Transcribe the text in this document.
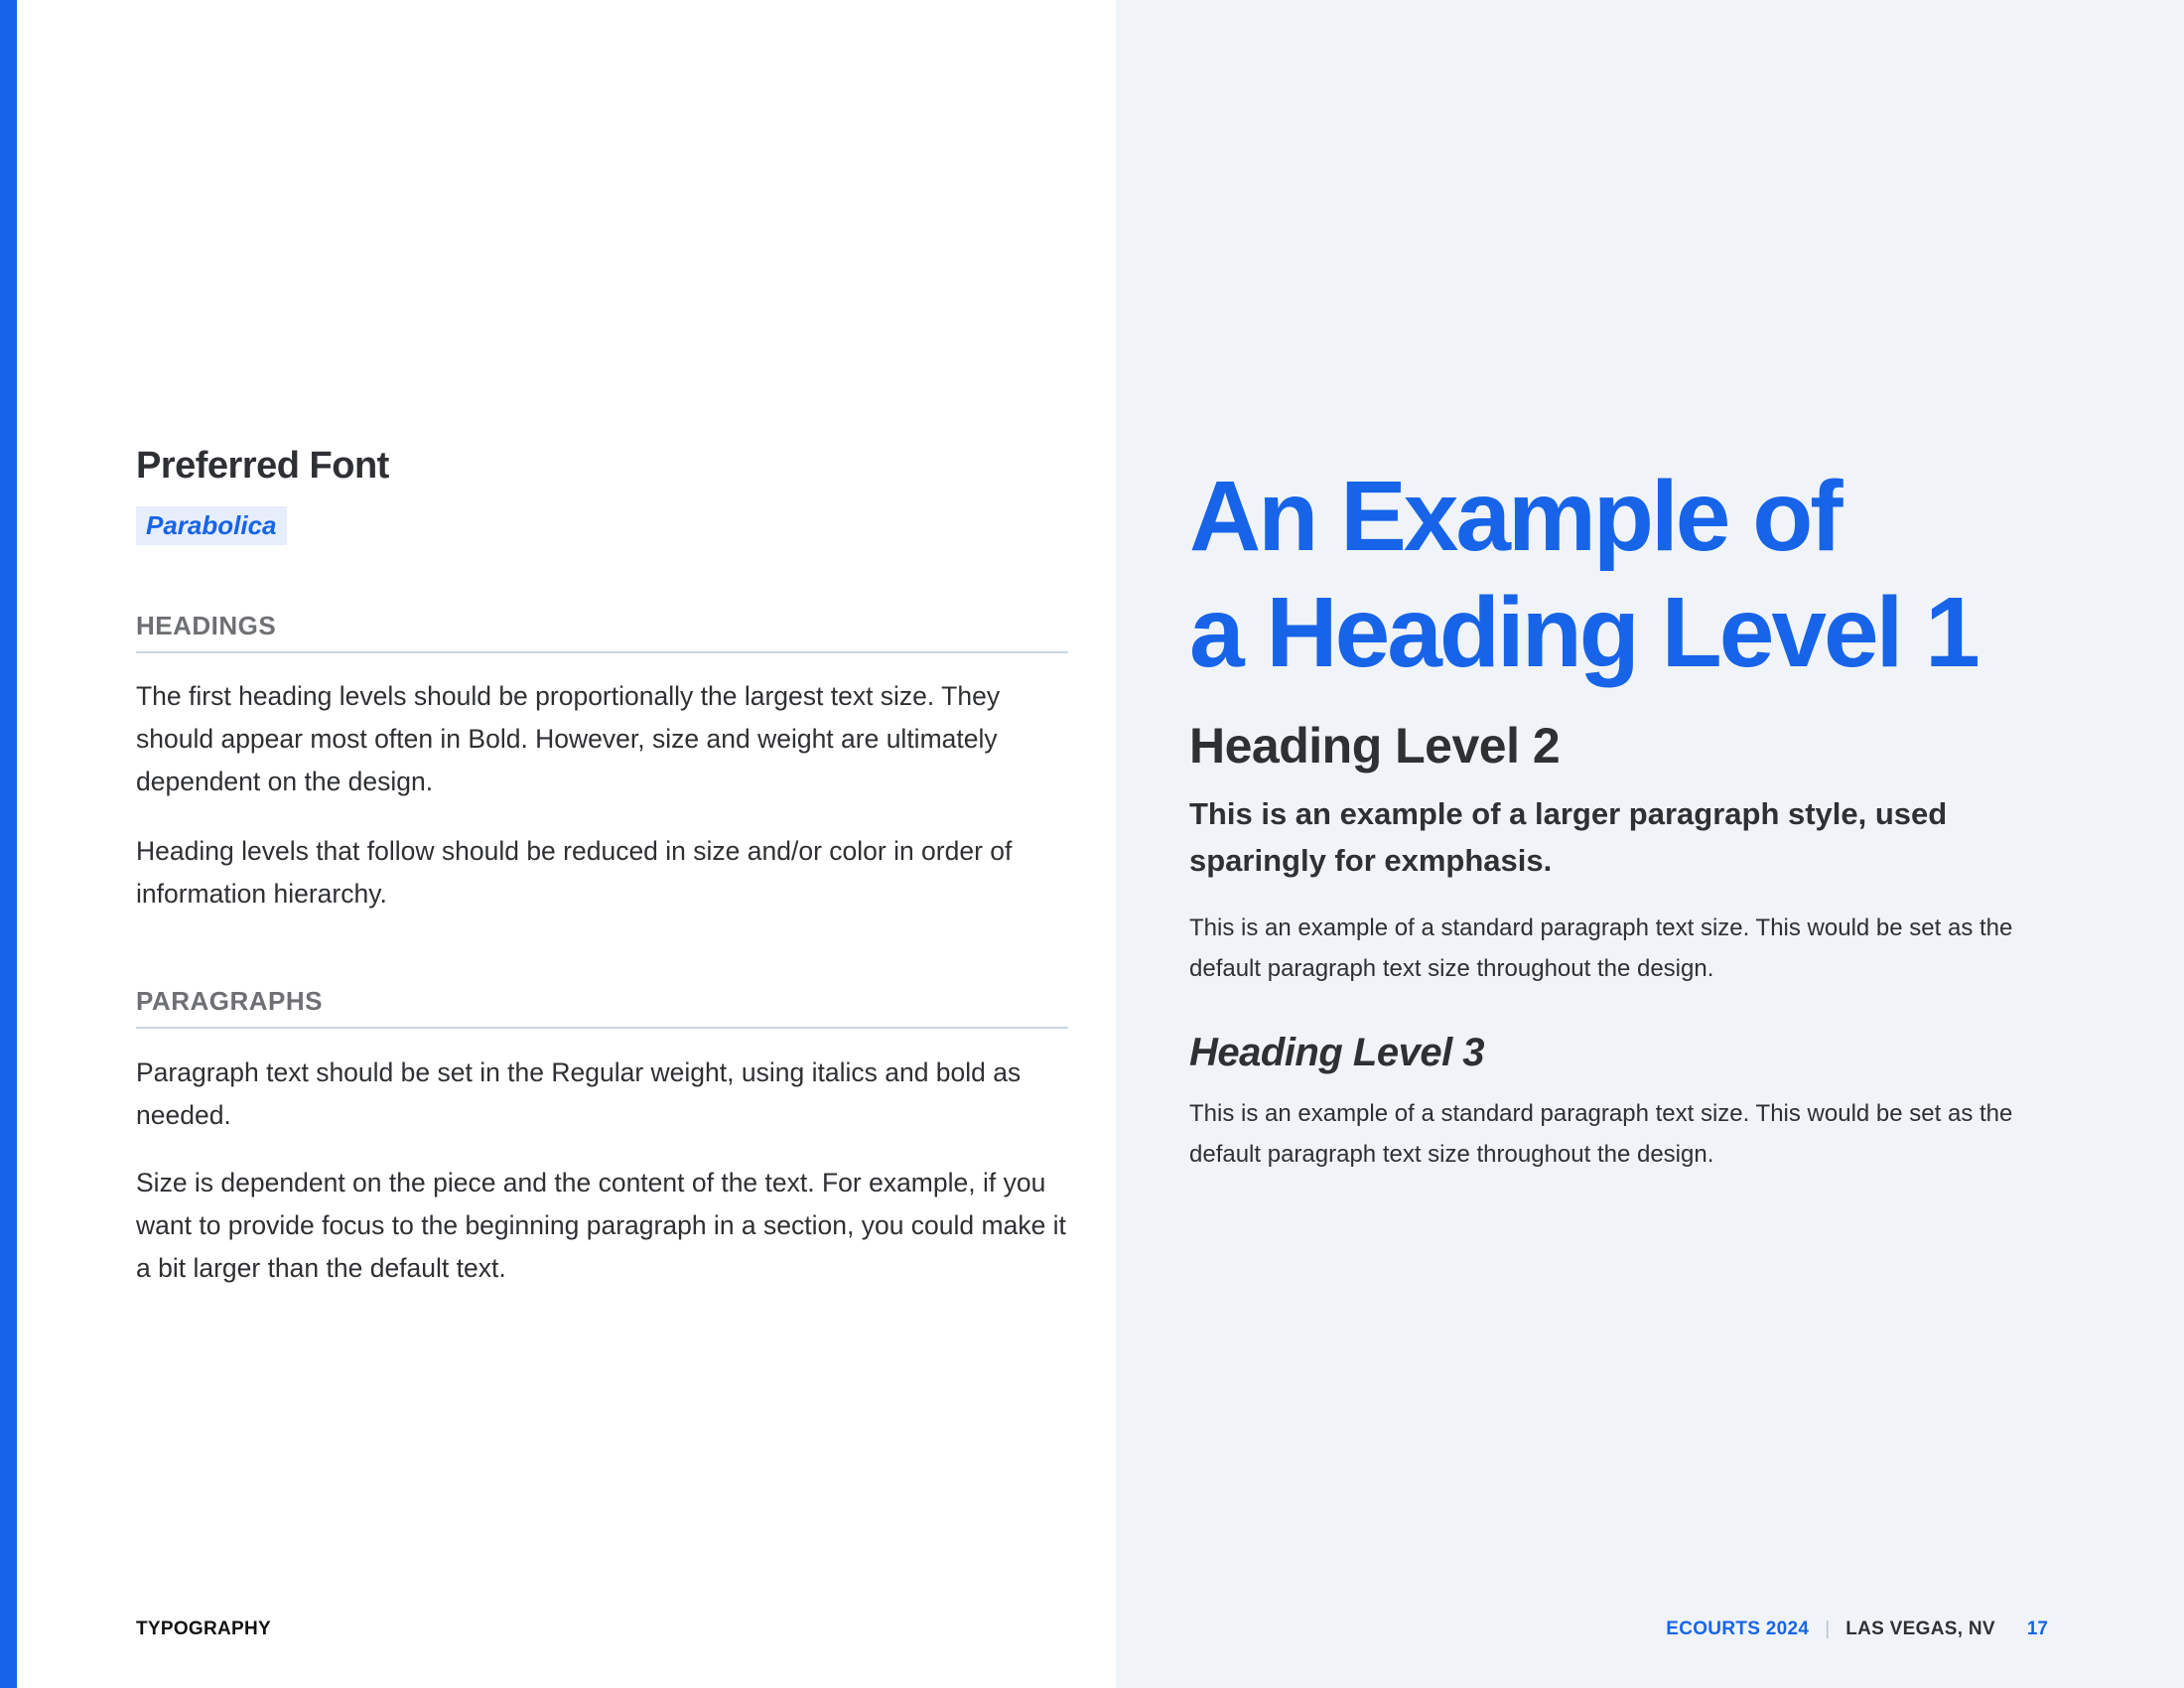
Preferred Font
Parabolica
HEADINGS
The first heading levels should be proportionally the largest text size. They should appear most often in Bold. However, size and weight are ultimately dependent on the design.
Heading levels that follow should be reduced in size and/or color in order of information hierarchy.
PARAGRAPHS
Paragraph text should be set in the Regular weight, using italics and bold as needed.
Size is dependent on the piece and the content of the text. For example, if you want to provide focus to the beginning paragraph in a section, you could make it a bit larger than the default text.
An Example of
a Heading Level 1
Heading Level 2
This is an example of a larger paragraph style, used sparingly for exmphasis.
This is an example of a standard paragraph text size. This would be set as the default paragraph text size throughout the design.
Heading Level 3
This is an example of a standard paragraph text size. This would be set as the default paragraph text size throughout the design.
TYPOGRAPHY	ECOURTS 2024 | LAS VEGAS, NV 17
